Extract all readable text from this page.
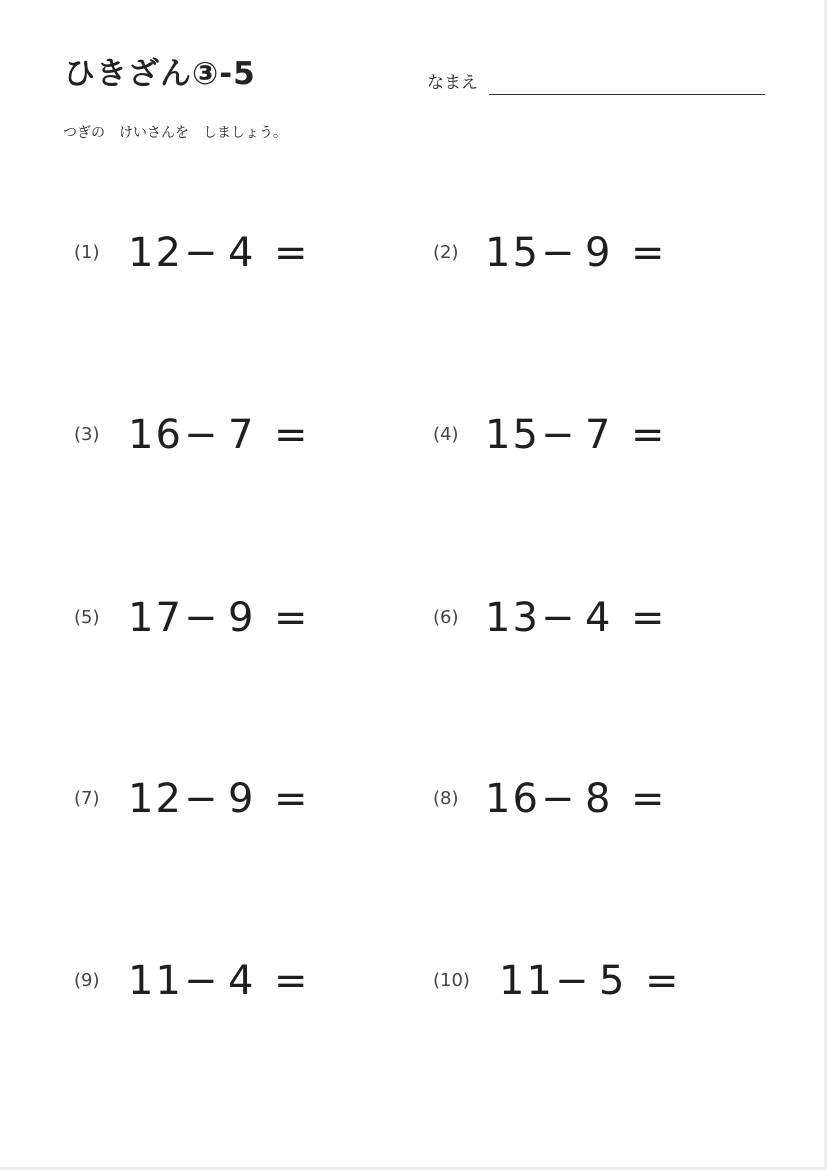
ひきざん③-5	なまえ
つぎの　けいさんを　しましょう。
(1) 12 − 4 =	(2) 15 − 9 =
(3) 16 − 7 =	(4) 15 − 7 =
(5) 17 − 9 =	(6) 13 − 4 =
(7) 12 − 9 =	(8) 16 − 8 =
(9) 11 − 4 =	(10) 11 − 5 =
